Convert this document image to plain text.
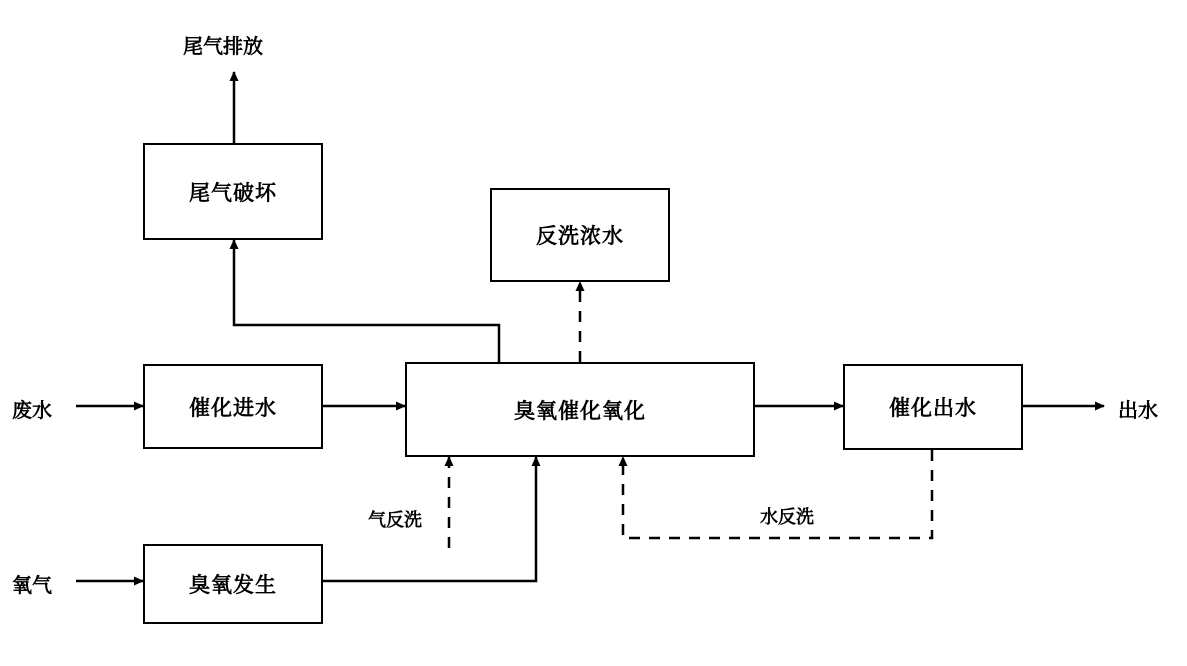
尾气破坏
反洗浓水
催化进水	臭氧催化氧化	催化出水
臭氧发生
尾气排放
废水	出水
氧气
气反洗	水反洗
